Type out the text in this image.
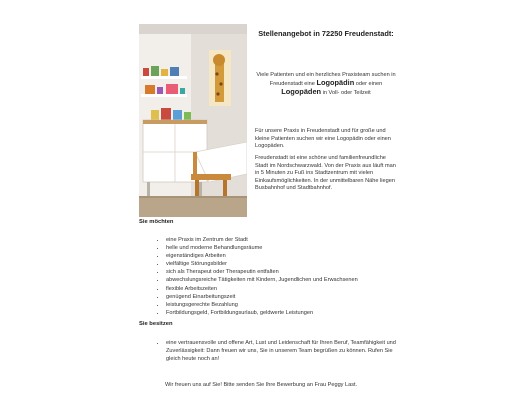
Stellenangebot in 72250 Freudenstadt:
Viele Patienten und ein herzliches Praxisteam suchen in Freudenstadt eine Logopädin oder einen Logopäden in Voll- oder Teilzeit
Für unsere Praxis in Freudenstadt und für große und kleine Patienten suchen wir eine Logopädin oder einen Logopäden.
Freudenstadt ist eine schöne und familienfreundliche Stadt im Nordschwarzwald. Von der Praxis aus läuft man in 5 Minuten zu Fuß ins Stadtzentrum mit vielen Einkaufsmöglichkeiten. In der unmittelbaren Nähe liegen Busbahnhof und Stadtbahnhof.
Sie möchten
• eine Praxis im Zentrum der Stadt
• helle und moderne Behandlungsräume
• eigenständiges Arbeiten
• vielfältige Störungsbilder
• sich als Therapeut oder Therapeutin entfalten
• abwechslungsreiche Tätigkeiten mit Kindern, Jugendlichen und Erwachsenen
• flexible Arbeitszeiten
• genügend Einarbeitungszeit
• leistungsgerechte Bezahlung
• Fortbildungsgeld, Fortbildungsurlaub, geldwerte Leistungen
Sie besitzen
• eine vertrauensvolle und offene Art, Lust und Leidenschaft für Ihren Beruf, Teamfähigkeit und Zuverlässigkeit: Dann freuen wir uns, Sie in unserem Team begrüßen zu können. Rufen Sie gleich heute noch an!
Wir freuen uns auf Sie! Bitte senden Sie Ihre Bewerbung an Frau Peggy Last.
